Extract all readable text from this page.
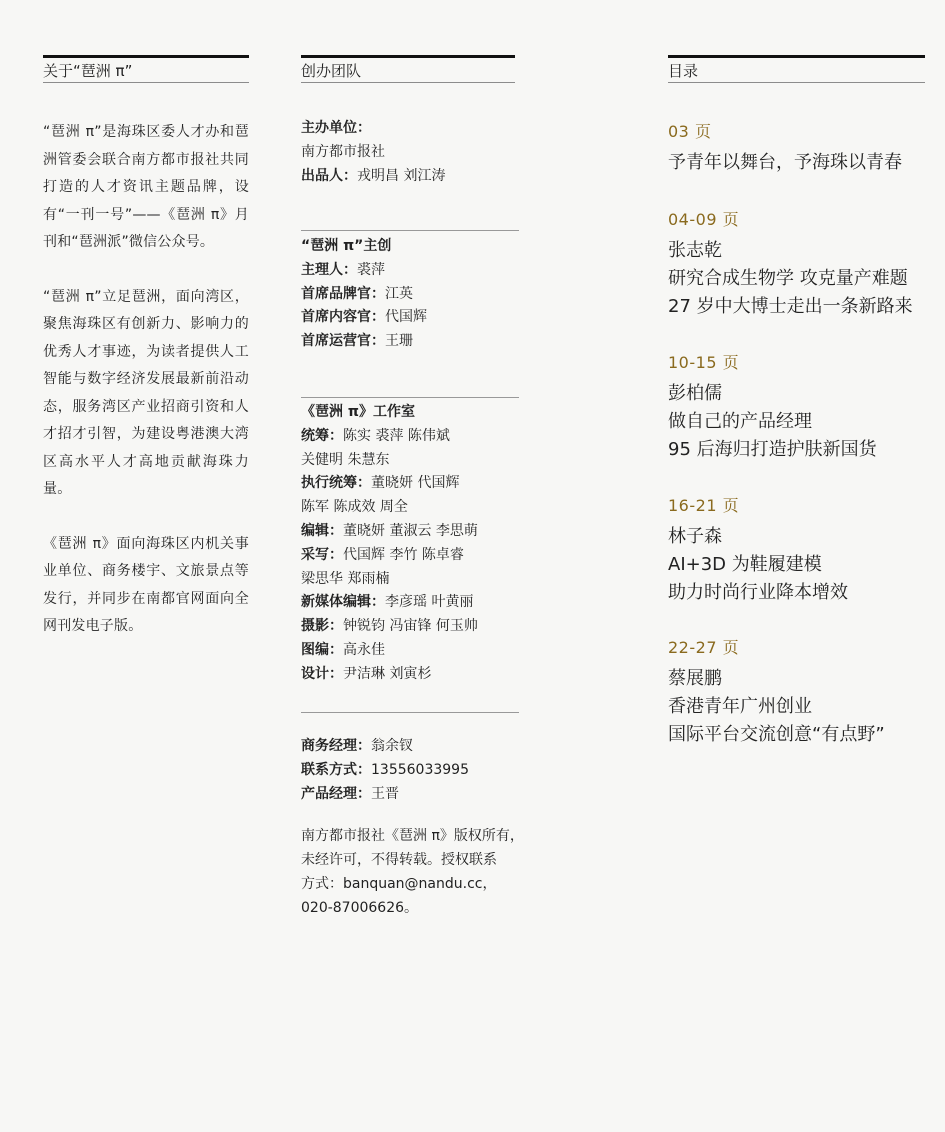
关于“琶洲 π”

“琶洲 π”是海珠区委人才办和琶洲管委会联合南方都市报社共同打造的人才资讯主题品牌，设有“一刊一号”——《琶洲 π》月刊和“琶洲派”微信公众号。

“琶洲 π”立足琶洲，面向湾区，聚焦海珠区有创新力、影响力的优秀人才事迹，为读者提供人工智能与数字经济发展最新前沿动态，服务湾区产业招商引资和人才招才引智，为建设粤港澳大湾区高水平人才高地贡献海珠力量。

《琶洲 π》面向海珠区内机关事业单位、商务楼宇、文旅景点等发行，并同步在南都官网面向全网刊发电子版。

创办团队
主办单位：
南方都市报社
出品人：戎明昌 刘江涛
“琶洲 π”主创
主理人：裘萍
首席品牌官：江英
首席内容官：代国辉
首席运营官：王珊
《琶洲 π》工作室
统筹：陈实 裘萍 陈伟斌
关健明 朱慧东
执行统筹：董晓妍 代国辉
陈军 陈成效 周全
编辑：董晓妍 董淑云 李思萌
采写：代国辉 李竹 陈卓睿
梁思华 郑雨楠
新媒体编辑：李彦瑶 叶黄丽
摄影：钟锐钧 冯宙锋 何玉帅
图编：高永佳
设计：尹洁琳 刘寅杉
商务经理：翁余钗
联系方式：13556033995
产品经理：王晋
南方都市报社《琶洲 π》版权所有，
未经许可，不得转载。授权联系
方式：banquan@nandu.cc，
020-87006626。
目录
03 页
予青年以舞台，予海珠以青春
04-09 页
张志乾
研究合成生物学 攻克量产难题
27 岁中大博士走出一条新路来
10-15 页
彭柏儒
做自己的产品经理
95 后海归打造护肤新国货
16-21 页
林子森
AI+3D 为鞋履建模
助力时尚行业降本增效
22-27 页
蔡展鹏
香港青年广州创业
国际平台交流创意“有点野”
